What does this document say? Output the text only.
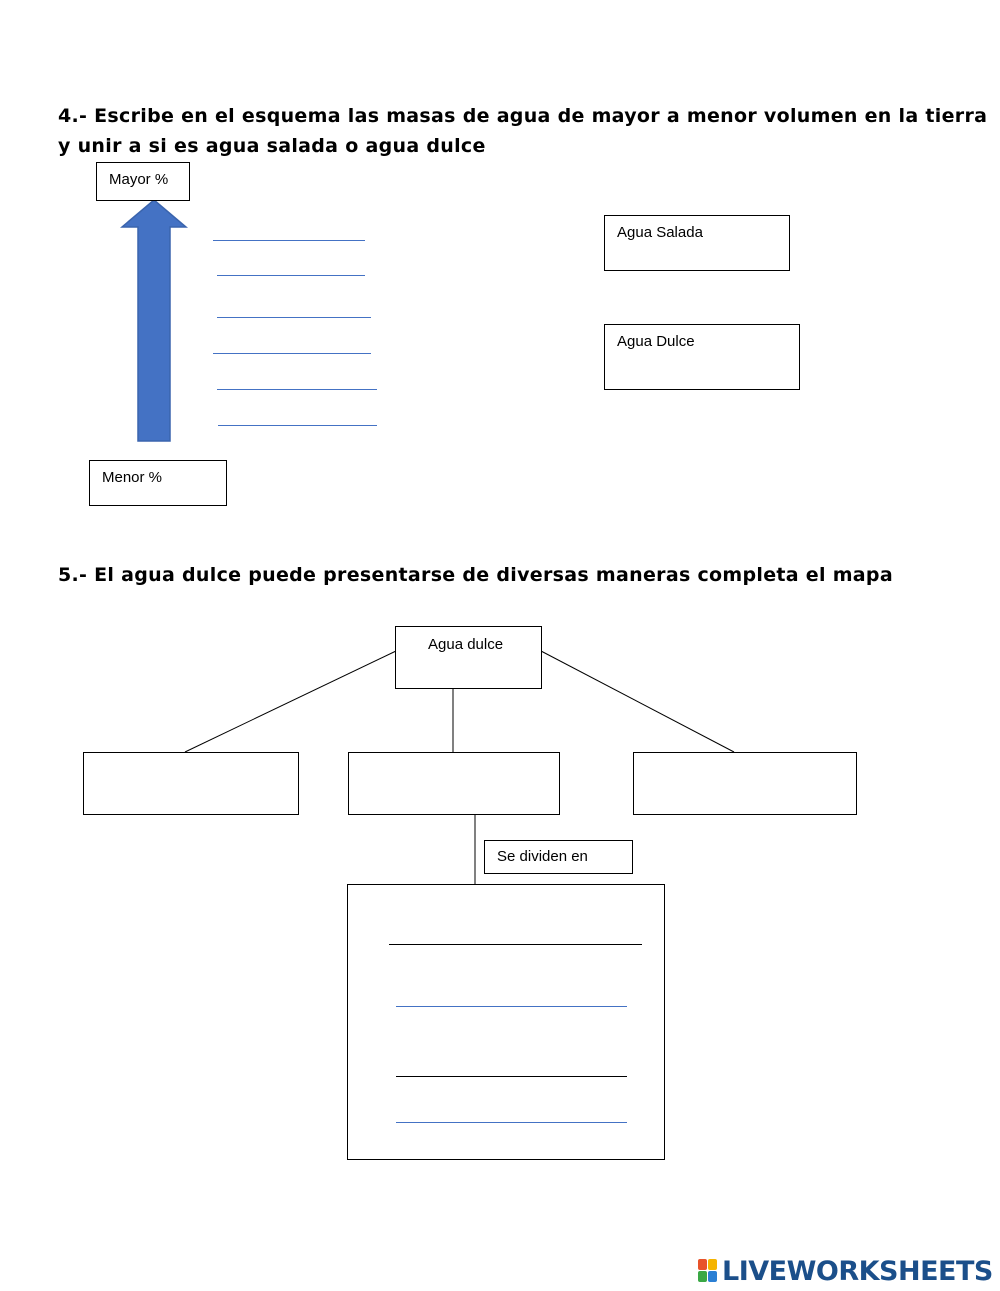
4.- Escribe en el esquema las masas de agua de mayor a menor volumen en la tierra
y unir a si es agua salada o agua dulce
Mayor %
Menor %
Agua Salada
Agua Dulce
5.- El agua dulce puede presentarse de diversas maneras completa el mapa
Agua dulce
Se dividen en
LIVEWORKSHEETS
